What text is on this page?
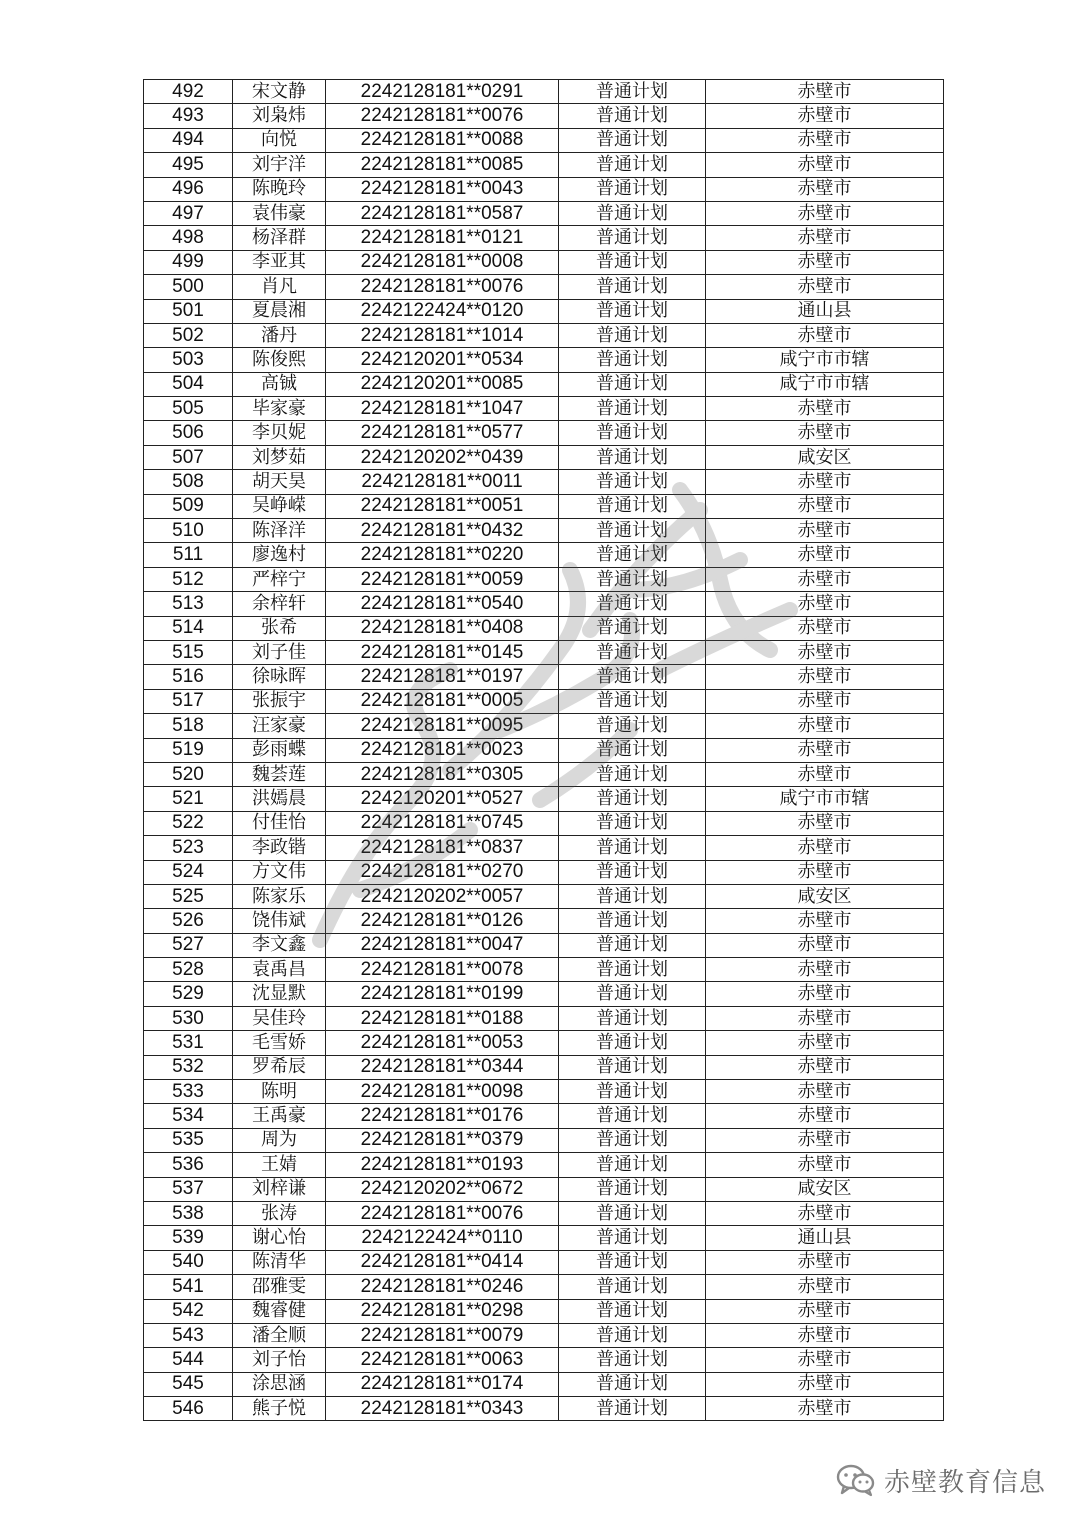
492	宋文静	2242128181**0291	普通计划	赤壁市
493	刘枭炜	2242128181**0076	普通计划	赤壁市
494	向悦	2242128181**0088	普通计划	赤壁市
495	刘宇洋	2242128181**0085	普通计划	赤壁市
496	陈晚玲	2242128181**0043	普通计划	赤壁市
497	袁伟豪	2242128181**0587	普通计划	赤壁市
498	杨泽群	2242128181**0121	普通计划	赤壁市
499	李亚其	2242128181**0008	普通计划	赤壁市
500	肖凡	2242128181**0076	普通计划	赤壁市
501	夏晨湘	2242122424**0120	普通计划	通山县
502	潘丹	2242128181**1014	普通计划	赤壁市
503	陈俊熙	2242120201**0534	普通计划	咸宁市市辖
504	高铖	2242120201**0085	普通计划	咸宁市市辖
505	毕家豪	2242128181**1047	普通计划	赤壁市
506	李贝妮	2242128181**0577	普通计划	赤壁市
507	刘梦茹	2242120202**0439	普通计划	咸安区
508	胡天昊	2242128181**0011	普通计划	赤壁市
509	吴峥嵘	2242128181**0051	普通计划	赤壁市
510	陈泽洋	2242128181**0432	普通计划	赤壁市
511	廖逸村	2242128181**0220	普通计划	赤壁市
512	严梓宁	2242128181**0059	普通计划	赤壁市
513	余梓轩	2242128181**0540	普通计划	赤壁市
514	张希	2242128181**0408	普通计划	赤壁市
515	刘子佳	2242128181**0145	普通计划	赤壁市
516	徐咏晖	2242128181**0197	普通计划	赤壁市
517	张振宇	2242128181**0005	普通计划	赤壁市
518	汪家豪	2242128181**0095	普通计划	赤壁市
519	彭雨蝶	2242128181**0023	普通计划	赤壁市
520	魏荟莲	2242128181**0305	普通计划	赤壁市
521	洪嫣晨	2242120201**0527	普通计划	咸宁市市辖
522	付佳怡	2242128181**0745	普通计划	赤壁市
523	李政锴	2242128181**0837	普通计划	赤壁市
524	方文伟	2242128181**0270	普通计划	赤壁市
525	陈家乐	2242120202**0057	普通计划	咸安区
526	饶伟斌	2242128181**0126	普通计划	赤壁市
527	李文鑫	2242128181**0047	普通计划	赤壁市
528	袁禹昌	2242128181**0078	普通计划	赤壁市
529	沈显默	2242128181**0199	普通计划	赤壁市
530	吴佳玲	2242128181**0188	普通计划	赤壁市
531	毛雪娇	2242128181**0053	普通计划	赤壁市
532	罗希辰	2242128181**0344	普通计划	赤壁市
533	陈明	2242128181**0098	普通计划	赤壁市
534	王禹豪	2242128181**0176	普通计划	赤壁市
535	周为	2242128181**0379	普通计划	赤壁市
536	王婧	2242128181**0193	普通计划	赤壁市
537	刘梓谦	2242120202**0672	普通计划	咸安区
538	张涛	2242128181**0076	普通计划	赤壁市
539	谢心怡	2242122424**0110	普通计划	通山县
540	陈清华	2242128181**0414	普通计划	赤壁市
541	邵雅雯	2242128181**0246	普通计划	赤壁市
542	魏睿健	2242128181**0298	普通计划	赤壁市
543	潘全顺	2242128181**0079	普通计划	赤壁市
544	刘子怡	2242128181**0063	普通计划	赤壁市
545	涂思涵	2242128181**0174	普通计划	赤壁市
546	熊子悦	2242128181**0343	普通计划	赤壁市
赤壁教育信息
